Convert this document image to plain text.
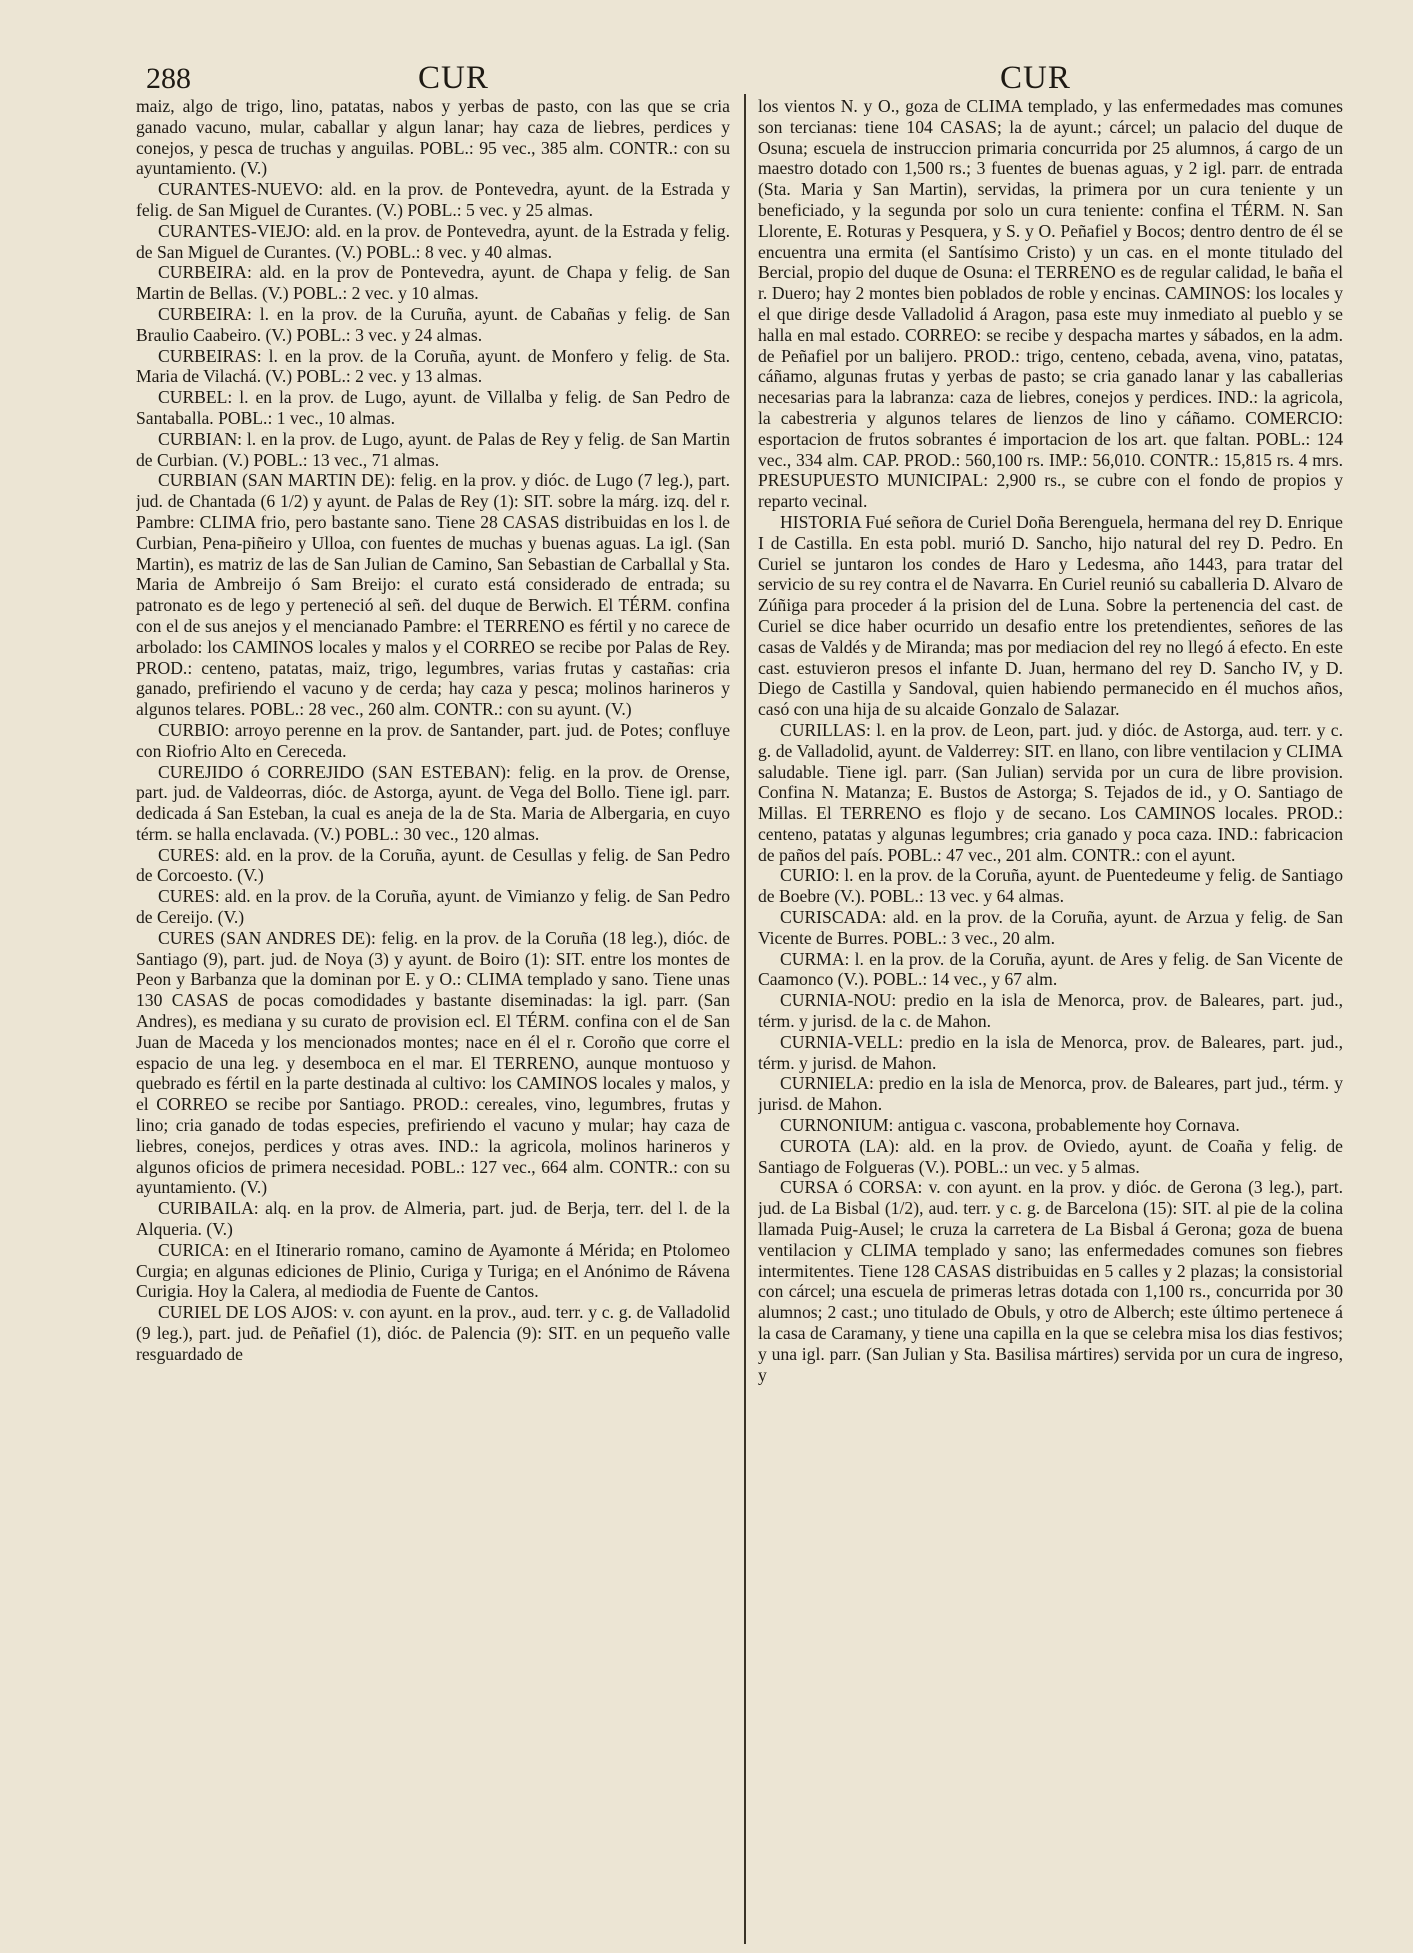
288	CUR	CUR

maiz, algo de trigo, lino, patatas, nabos y yerbas de pasto, con las que se cria ganado vacuno, mular, caballar y algun lanar; hay caza de liebres, perdices y conejos, y pesca de truchas y anguilas. POBL.: 95 vec., 385 alm. CONTR.: con su ayuntamiento. (V.)

CURANTES-NUEVO: ald. en la prov. de Pontevedra, ayunt. de la Estrada y felig. de San Miguel de Curantes. (V.) POBL.: 5 vec. y 25 almas.

CURANTES-VIEJO: ald. en la prov. de Pontevedra, ayunt. de la Estrada y felig. de San Miguel de Curantes. (V.) POBL.: 8 vec. y 40 almas.

CURBEIRA: ald. en la prov de Pontevedra, ayunt. de Chapa y felig. de San Martin de Bellas. (V.) POBL.: 2 vec. y 10 almas.

CURBEIRA: l. en la prov. de la Curuña, ayunt. de Cabañas y felig. de San Braulio Caabeiro. (V.) POBL.: 3 vec. y 24 almas.

CURBEIRAS: l. en la prov. de la Coruña, ayunt. de Monfero y felig. de Sta. Maria de Vilachá. (V.) POBL.: 2 vec. y 13 almas.

CURBEL: l. en la prov. de Lugo, ayunt. de Villalba y felig. de San Pedro de Santaballa. POBL.: 1 vec., 10 almas.

CURBIAN: l. en la prov. de Lugo, ayunt. de Palas de Rey y felig. de San Martin de Curbian. (V.) POBL.: 13 vec., 71 almas.

CURBIAN (SAN MARTIN DE): felig. en la prov. y dióc. de Lugo (7 leg.), part. jud. de Chantada (6 1/2) y ayunt. de Palas de Rey (1): SIT. sobre la márg. izq. del r. Pambre: CLIMA frio, pero bastante sano. Tiene 28 CASAS distribuidas en los l. de Curbian, Pena-piñeiro y Ulloa, con fuentes de muchas y buenas aguas. La igl. (San Martin), es matriz de las de San Julian de Camino, San Sebastian de Carballal y Sta. Maria de Ambreijo ó Sam Breijo: el curato está considerado de entrada; su patronato es de lego y perteneció al señ. del duque de Berwich. El TÉRM. confina con el de sus anejos y el mencianado Pambre: el TERRENO es fértil y no carece de arbolado: los CAMINOS locales y malos y el CORREO se recibe por Palas de Rey. PROD.: centeno, patatas, maiz, trigo, legumbres, varias frutas y castañas: cria ganado, prefiriendo el vacuno y de cerda; hay caza y pesca; molinos harineros y algunos telares. POBL.: 28 vec., 260 alm. CONTR.: con su ayunt. (V.)

CURBIO: arroyo perenne en la prov. de Santander, part. jud. de Potes; confluye con Riofrio Alto en Cereceda.

CUREJIDO ó CORREJIDO (SAN ESTEBAN): felig. en la prov. de Orense, part. jud. de Valdeorras, dióc. de Astorga, ayunt. de Vega del Bollo. Tiene igl. parr. dedicada á San Esteban, la cual es aneja de la de Sta. Maria de Albergaria, en cuyo térm. se halla enclavada. (V.) POBL.: 30 vec., 120 almas.

CURES: ald. en la prov. de la Coruña, ayunt. de Cesullas y felig. de San Pedro de Corcoesto. (V.)

CURES: ald. en la prov. de la Coruña, ayunt. de Vimianzo y felig. de San Pedro de Cereijo. (V.)

CURES (SAN ANDRES DE): felig. en la prov. de la Coruña (18 leg.), dióc. de Santiago (9), part. jud. de Noya (3) y ayunt. de Boiro (1): SIT. entre los montes de Peon y Barbanza que la dominan por E. y O.: CLIMA templado y sano. Tiene unas 130 CASAS de pocas comodidades y bastante diseminadas: la igl. parr. (San Andres), es mediana y su curato de provision ecl. El TÉRM. confina con el de San Juan de Maceda y los mencionados montes; nace en él el r. Coroño que corre el espacio de una leg. y desemboca en el mar. El TERRENO, aunque montuoso y quebrado es fértil en la parte destinada al cultivo: los CAMINOS locales y malos, y el CORREO se recibe por Santiago. PROD.: cereales, vino, legumbres, frutas y lino; cria ganado de todas especies, prefiriendo el vacuno y mular; hay caza de liebres, conejos, perdices y otras aves. IND.: la agricola, molinos harineros y algunos oficios de primera necesidad. POBL.: 127 vec., 664 alm. CONTR.: con su ayuntamiento. (V.)

CURIBAILA: alq. en la prov. de Almeria, part. jud. de Berja, terr. del l. de la Alqueria. (V.)

CURICA: en el Itinerario romano, camino de Ayamonte á Mérida; en Ptolomeo Curgia; en algunas ediciones de Plinio, Curiga y Turiga; en el Anónimo de Rávena Curigia. Hoy la Calera, al mediodia de Fuente de Cantos.

CURIEL DE LOS AJOS: v. con ayunt. en la prov., aud. terr. y c. g. de Valladolid (9 leg.), part. jud. de Peñafiel (1), dióc. de Palencia (9): SIT. en un pequeño valle resguardado de

los vientos N. y O., goza de CLIMA templado, y las enfermedades mas comunes son tercianas: tiene 104 CASAS; la de ayunt.; cárcel; un palacio del duque de Osuna; escuela de instruccion primaria concurrida por 25 alumnos, á cargo de un maestro dotado con 1,500 rs.; 3 fuentes de buenas aguas, y 2 igl. parr. de entrada (Sta. Maria y San Martin), servidas, la primera por un cura teniente y un beneficiado, y la segunda por solo un cura teniente: confina el TÉRM. N. San Llorente, E. Roturas y Pesquera, y S. y O. Peñafiel y Bocos; dentro dentro de él se encuentra una ermita (el Santísimo Cristo) y un cas. en el monte titulado del Bercial, propio del duque de Osuna: el TERRENO es de regular calidad, le baña el r. Duero; hay 2 montes bien poblados de roble y encinas. CAMINOS: los locales y el que dirige desde Valladolid á Aragon, pasa este muy inmediato al pueblo y se halla en mal estado. CORREO: se recibe y despacha martes y sábados, en la adm. de Peñafiel por un balijero. PROD.: trigo, centeno, cebada, avena, vino, patatas, cáñamo, algunas frutas y yerbas de pasto; se cria ganado lanar y las caballerias necesarias para la labranza: caza de liebres, conejos y perdices. IND.: la agricola, la cabestreria y algunos telares de lienzos de lino y cáñamo. COMERCIO: esportacion de frutos sobrantes é importacion de los art. que faltan. POBL.: 124 vec., 334 alm. CAP. PROD.: 560,100 rs. IMP.: 56,010. CONTR.: 15,815 rs. 4 mrs. PRESUPUESTO MUNICIPAL: 2,900 rs., se cubre con el fondo de propios y reparto vecinal.

HISTORIA Fué señora de Curiel Doña Berenguela, hermana del rey D. Enrique I de Castilla. En esta pobl. murió D. Sancho, hijo natural del rey D. Pedro. En Curiel se juntaron los condes de Haro y Ledesma, año 1443, para tratar del servicio de su rey contra el de Navarra. En Curiel reunió su caballeria D. Alvaro de Zúñiga para proceder á la prision del de Luna. Sobre la pertenencia del cast. de Curiel se dice haber ocurrido un desafio entre los pretendientes, señores de las casas de Valdés y de Miranda; mas por mediacion del rey no llegó á efecto. En este cast. estuvieron presos el infante D. Juan, hermano del rey D. Sancho IV, y D. Diego de Castilla y Sandoval, quien habiendo permanecido en él muchos años, casó con una hija de su alcaide Gonzalo de Salazar.

CURILLAS: l. en la prov. de Leon, part. jud. y dióc. de Astorga, aud. terr. y c. g. de Valladolid, ayunt. de Valderrey: SIT. en llano, con libre ventilacion y CLIMA saludable. Tiene igl. parr. (San Julian) servida por un cura de libre provision. Confina N. Matanza; E. Bustos de Astorga; S. Tejados de id., y O. Santiago de Millas. El TERRENO es flojo y de secano. Los CAMINOS locales. PROD.: centeno, patatas y algunas legumbres; cria ganado y poca caza. IND.: fabricacion de paños del país. POBL.: 47 vec., 201 alm. CONTR.: con el ayunt.

CURIO: l. en la prov. de la Coruña, ayunt. de Puentedeume y felig. de Santiago de Boebre (V.). POBL.: 13 vec. y 64 almas.

CURISCADA: ald. en la prov. de la Coruña, ayunt. de Arzua y felig. de San Vicente de Burres. POBL.: 3 vec., 20 alm.

CURMA: l. en la prov. de la Coruña, ayunt. de Ares y felig. de San Vicente de Caamonco (V.). POBL.: 14 vec., y 67 alm.

CURNIA-NOU: predio en la isla de Menorca, prov. de Baleares, part. jud., térm. y jurisd. de la c. de Mahon.

CURNIA-VELL: predio en la isla de Menorca, prov. de Baleares, part. jud., térm. y jurisd. de Mahon.

CURNIELA: predio en la isla de Menorca, prov. de Baleares, part jud., térm. y jurisd. de Mahon.

CURNONIUM: antigua c. vascona, probablemente hoy Cornava.

CUROTA (LA): ald. en la prov. de Oviedo, ayunt. de Coaña y felig. de Santiago de Folgueras (V.). POBL.: un vec. y 5 almas.

CURSA ó CORSA: v. con ayunt. en la prov. y dióc. de Gerona (3 leg.), part. jud. de La Bisbal (1/2), aud. terr. y c. g. de Barcelona (15): SIT. al pie de la colina llamada Puig-Ausel; le cruza la carretera de La Bisbal á Gerona; goza de buena ventilacion y CLIMA templado y sano; las enfermedades comunes son fiebres intermitentes. Tiene 128 CASAS distribuidas en 5 calles y 2 plazas; la consistorial con cárcel; una escuela de primeras letras dotada con 1,100 rs., concurrida por 30 alumnos; 2 cast.; uno titulado de Obuls, y otro de Alberch; este último pertenece á la casa de Caramany, y tiene una capilla en la que se celebra misa los dias festivos; y una igl. parr. (San Julian y Sta. Basilisa mártires) servida por un cura de ingreso, y
